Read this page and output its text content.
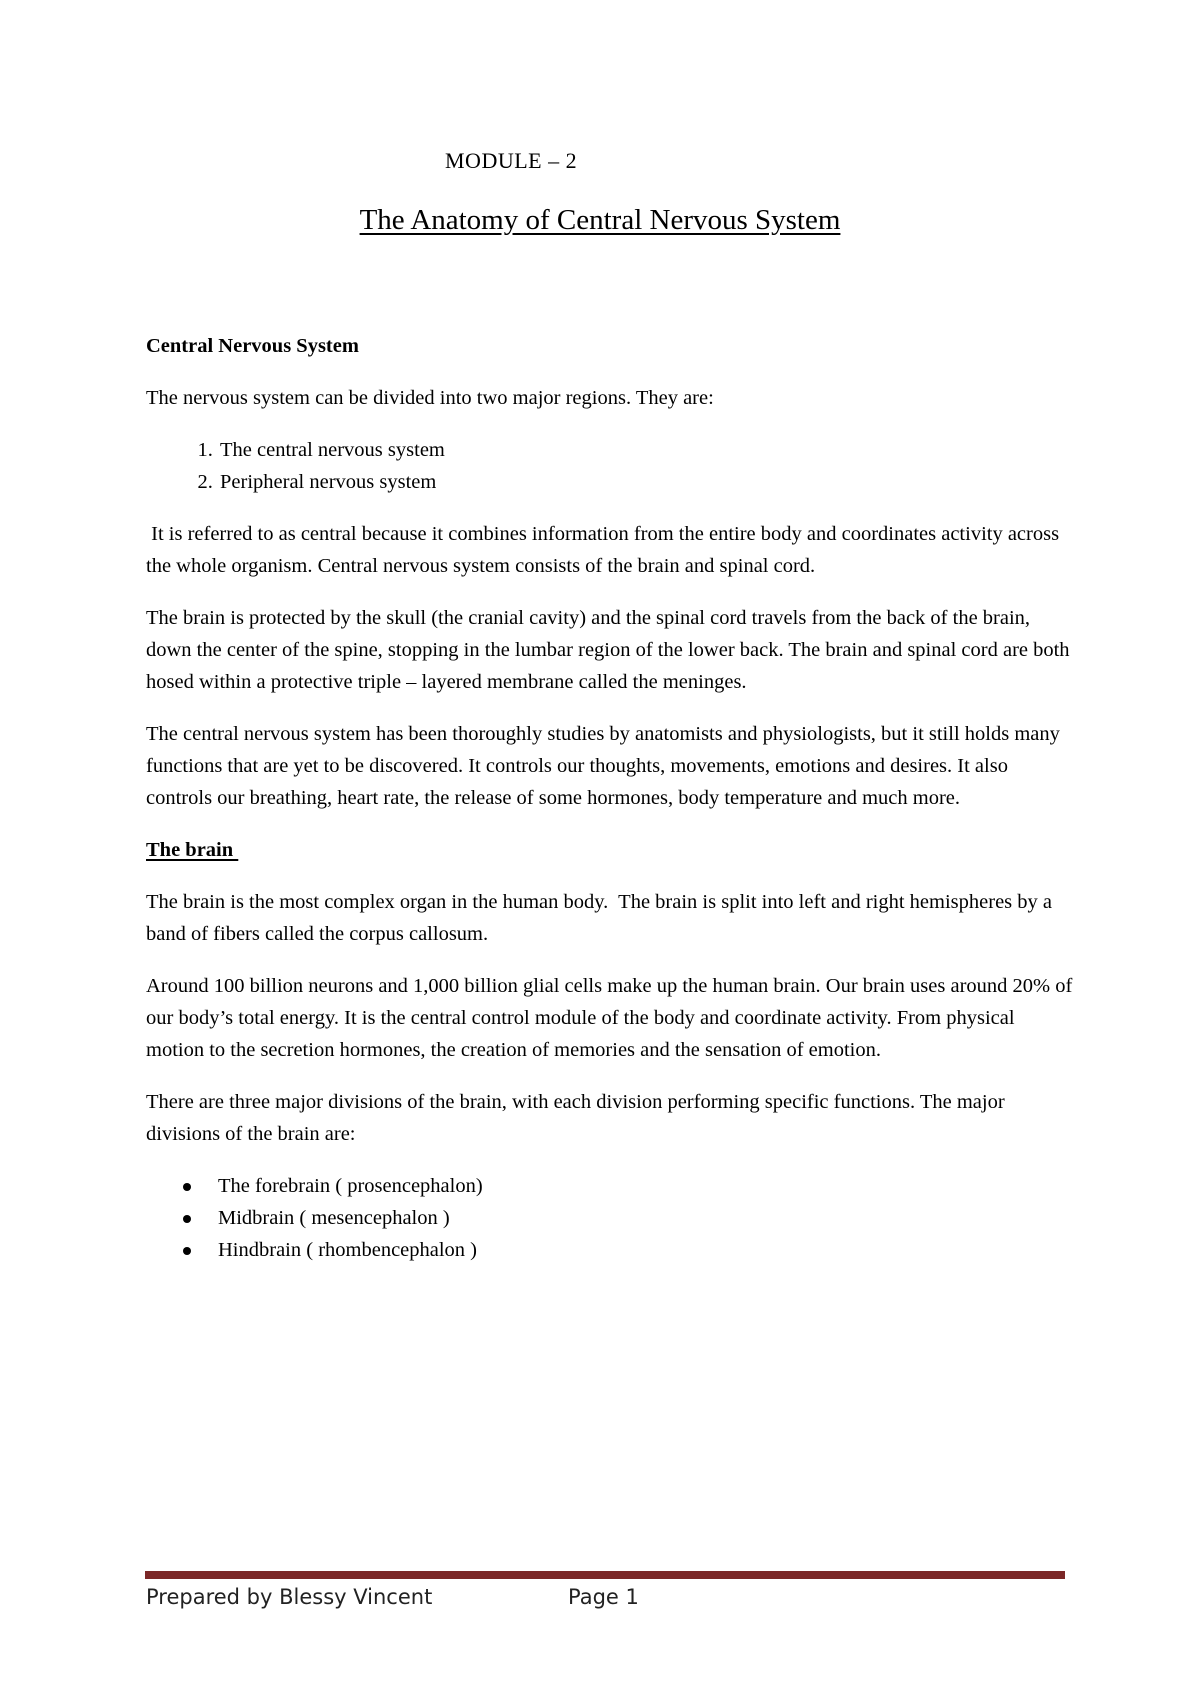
MODULE – 2
The Anatomy of Central Nervous System
Central Nervous System

The nervous system can be divided into two major regions. They are:

1. The central nervous system
2. Peripheral nervous system

It is referred to as central because it combines information from the entire body and coordinates activity across the whole organism. Central nervous system consists of the brain and spinal cord.

The brain is protected by the skull (the cranial cavity) and the spinal cord travels from the back of the brain, down the center of the spine, stopping in the lumbar region of the lower back. The brain and spinal cord are both hosed within a protective triple – layered membrane called the meninges.

The central nervous system has been thoroughly studies by anatomists and physiologists, but it still holds many functions that are yet to be discovered. It controls our thoughts, movements, emotions and desires. It also controls our breathing, heart rate, the release of some hormones, body temperature and much more.

The brain

The brain is the most complex organ in the human body.  The brain is split into left and right hemispheres by a band of fibers called the corpus callosum.

Around 100 billion neurons and 1,000 billion glial cells make up the human brain. Our brain uses around 20% of our body’s total energy. It is the central control module of the body and coordinate activity. From physical motion to the secretion hormones, the creation of memories and the sensation of emotion.

There are three major divisions of the brain, with each division performing specific functions. The major divisions of the brain are:

The forebrain ( prosencephalon)
Midbrain ( mesencephalon )
Hindbrain ( rhombencephalon )
Prepared by Blessy Vincent	Page 1
